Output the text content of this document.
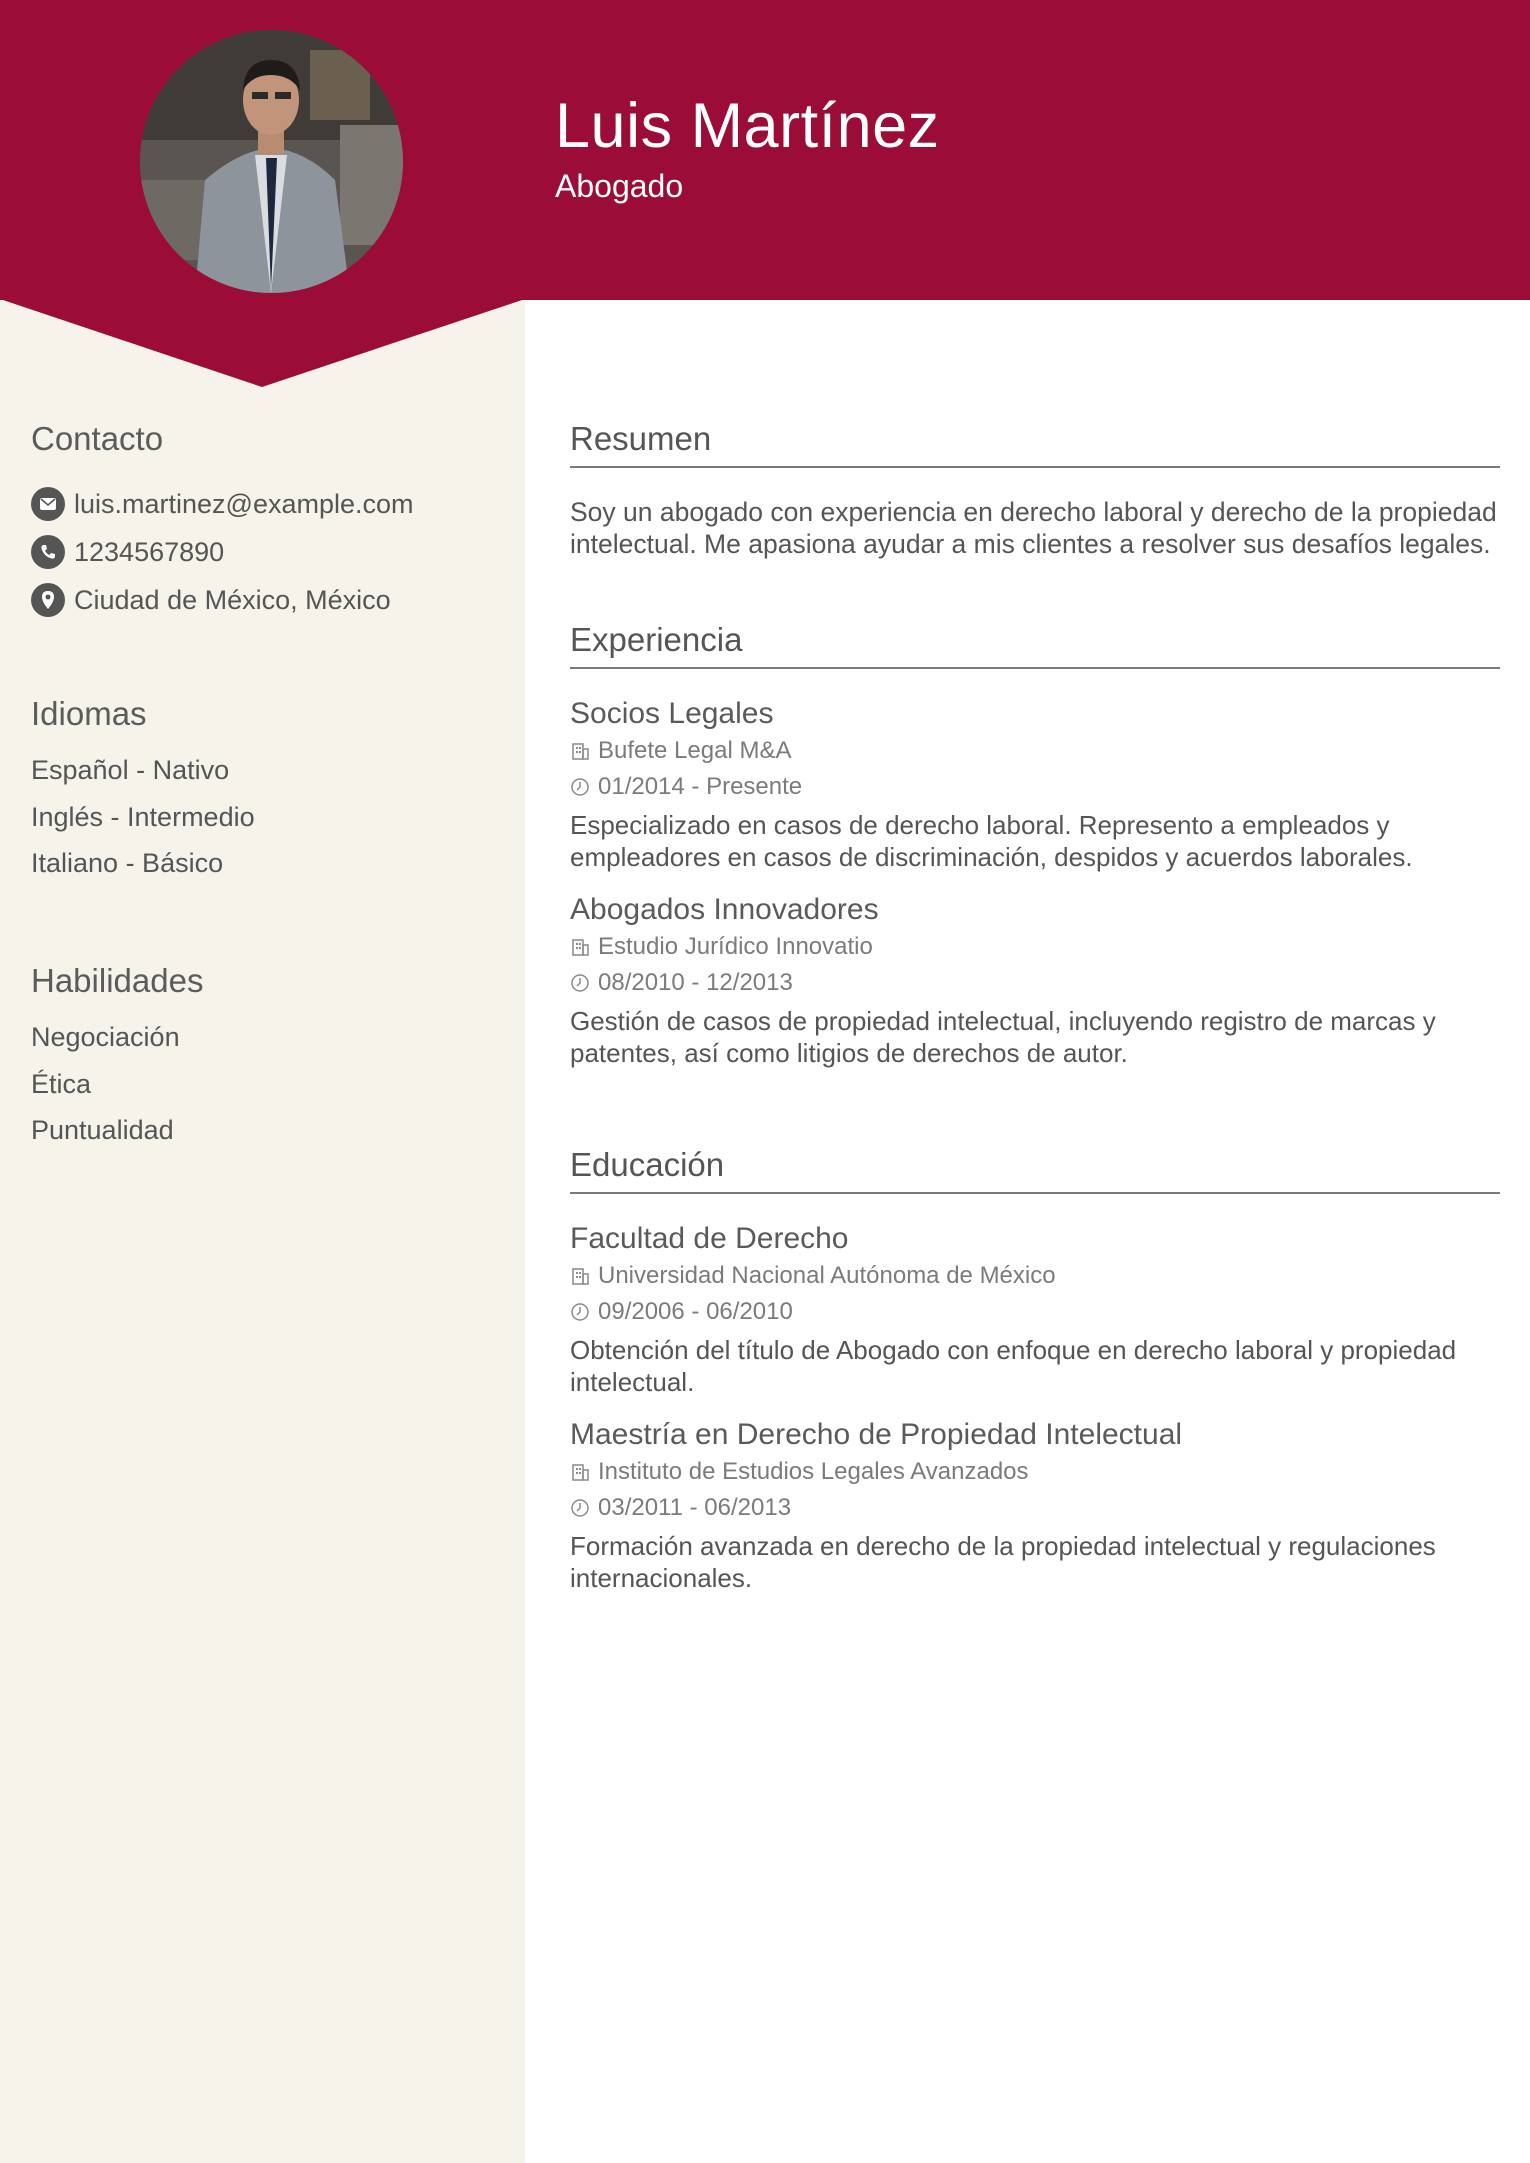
Luis Martínez
Abogado
Contacto
luis.martinez@example.com
1234567890
Ciudad de México, México
Idiomas
Español - Nativo
Inglés - Intermedio
Italiano - Básico
Habilidades
Negociación
Ética
Puntualidad
Resumen
Soy un abogado con experiencia en derecho laboral y derecho de la propiedad intelectual. Me apasiona ayudar a mis clientes a resolver sus desafíos legales.
Experiencia
Socios Legales
Bufete Legal M&A
01/2014 - Presente
Especializado en casos de derecho laboral. Represento a empleados y empleadores en casos de discriminación, despidos y acuerdos laborales.
Abogados Innovadores
Estudio Jurídico Innovatio
08/2010 - 12/2013
Gestión de casos de propiedad intelectual, incluyendo registro de marcas y patentes, así como litigios de derechos de autor.
Educación
Facultad de Derecho
Universidad Nacional Autónoma de México
09/2006 - 06/2010
Obtención del título de Abogado con enfoque en derecho laboral y propiedad intelectual.
Maestría en Derecho de Propiedad Intelectual
Instituto de Estudios Legales Avanzados
03/2011 - 06/2013
Formación avanzada en derecho de la propiedad intelectual y regulaciones internacionales.
